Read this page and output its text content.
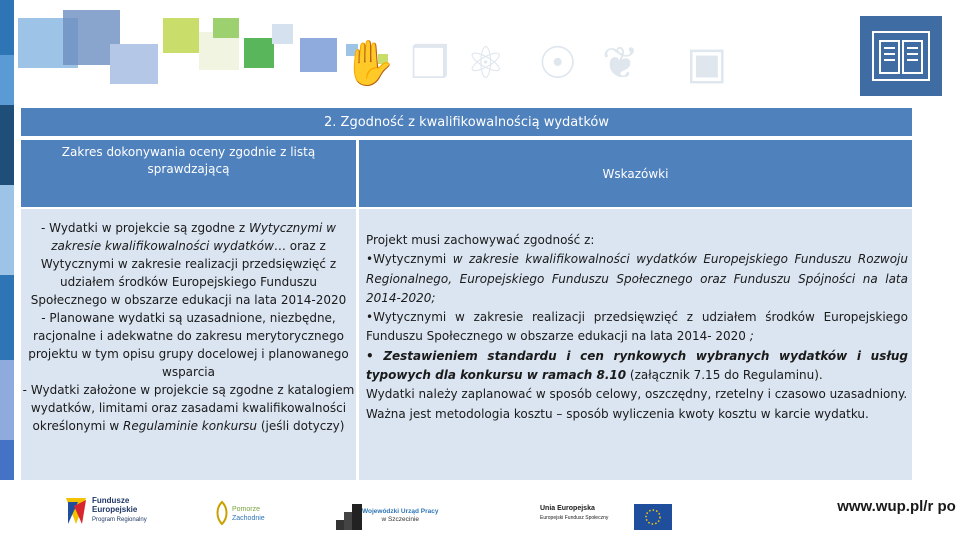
✋ ❒ ⚛ ☉ ❦ ▣
2. Zgodność z kwalifikowalnością wydatków
Zakres dokonywania oceny zgodnie z listą sprawdzającą	Wskazówki
- Wydatki w projekcie są zgodne z Wytycznymi w zakresie kwalifikowalności wydatków… oraz z Wytycznymi w zakresie realizacji przedsięwzięć z udziałem środków Europejskiego Funduszu Społecznego w obszarze edukacji na lata 2014-2020
- Planowane wydatki są uzasadnione, niezbędne, racjonalne i adekwatne do zakresu merytorycznego projektu w tym opisu grupy docelowej i planowanego wsparcia
- Wydatki założone w projekcie są zgodne z katalogiem wydatków, limitami oraz zasadami kwalifikowalności określonymi w Regulaminie konkursu (jeśli dotyczy)

Projekt musi zachowywać zgodność z:

•Wytycznymi w zakresie kwalifikowalności wydatków Europejskiego Funduszu Rozwoju Regionalnego, Europejskiego Funduszu Społecznego oraz Funduszu Spójności na lata 2014-2020;

•Wytycznymi w zakresie realizacji przedsięwzięć z udziałem środków Europejskiego Funduszu Społecznego w obszarze edukacji na lata 2014- 2020 ;

• Zestawieniem standardu i cen rynkowych wybranych wydatków i usług typowych dla konkursu w ramach 8.10 (załącznik 7.15 do Regulaminu).

Wydatki należy zaplanować w sposób celowy, oszczędny, rzetelny i czasowo uzasadniony.

Ważna jest metodologia kosztu – sposób wyliczenia kwoty kosztu w karcie wydatku.

Fundusze
Europejskie
Program Regionalny
Pomorze
Zachodnie
Wojewódzki Urząd Pracy
w Szczecinie
Unia Europejska
Europejski Fundusz Społeczny
www.wup.pl/r po
